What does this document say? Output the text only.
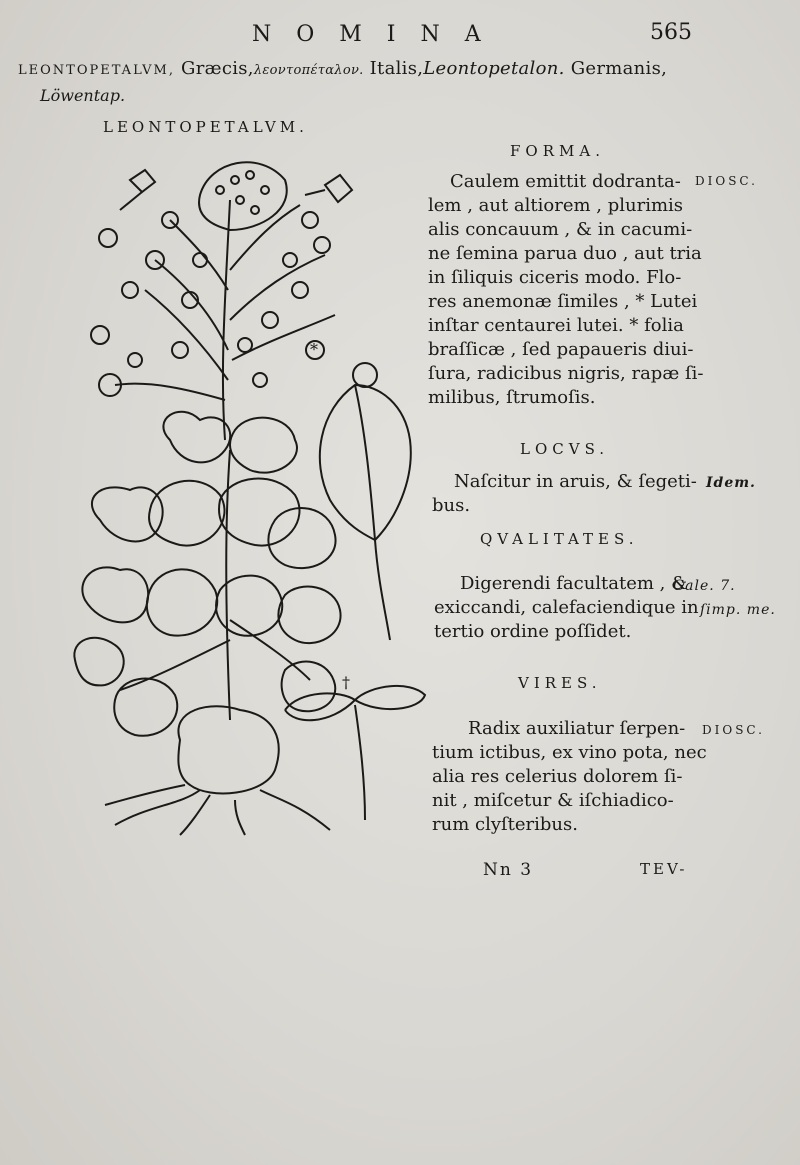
N O M I N A	565
LEONTOPETALVM, Græcis,λεοντοπέταλον. Italis,Leontopetalon. Germanis,
Löwentap.
LEONTOPETALVM.
*
†
FORMA.
DIOSC.
Caulem emittit dodranta-
lem , aut altiorem , plurimis
alis concauum , & in cacumi-
ne ſemina parua duo , aut tria
in ſiliquis ciceris modo. Flo-
res anemonæ ſimiles , * Lutei
inſtar centaurei lutei. * folia
braſſicæ , ſed papaueris diui-
ſura, radicibus nigris, rapæ ſi-
milibus, ſtrumoſis.
LOCVS.
Idem.
Naſcitur in aruis, & ſegeti-
bus.
QVALITATES.
Gale. 7.
ſimp. me.
Digerendi facultatem , &
exiccandi, calefaciendique in
tertio ordine poſſidet.
VIRES.
DIOSC.
Radix auxiliatur ſerpen-
tium ictibus, ex vino pota, nec
alia res celerius dolorem ſi-
nit , miſcetur & iſchiadico-
rum clyſteribus.
Nn 3	TEV-
